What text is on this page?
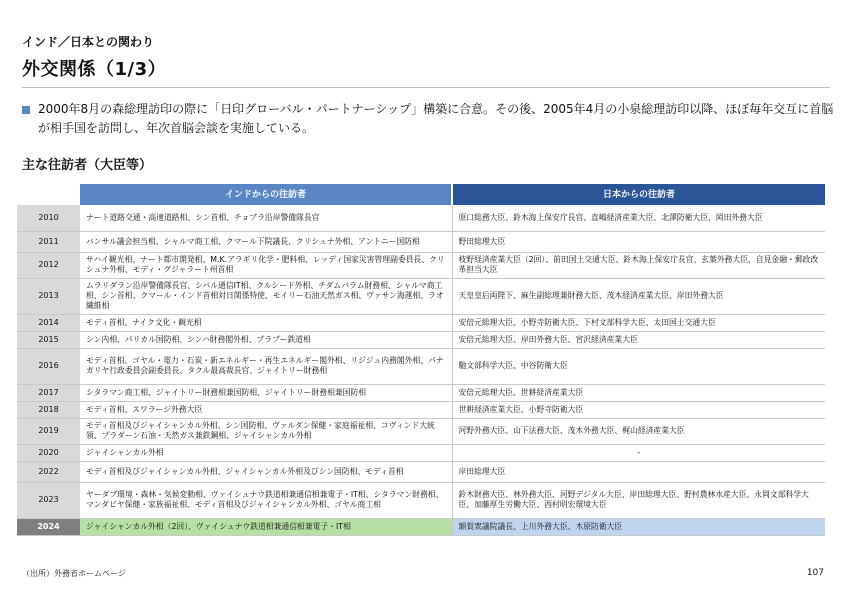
インド／日本との関わり
外交関係（1/3）
2000年8月の森総理訪印の際に「日印グローバル・パートナーシップ」構築に合意。その後、2005年4月の小泉総理訪印以降、ほぼ毎年交互に首脳が相手国を訪問し、年次首脳会談を実施している。
主な往訪者（大臣等）
	インドからの往訪者	日本からの往訪者
2010	ナート道路交通・高速道路相、シン首相、チョプラ沿岸警備隊長官	原口総務大臣、鈴木海上保安庁長官、直嶋経済産業大臣、北澤防衛大臣、岡田外務大臣
2011	バンサル議会担当相、シャルマ商工相、クマール下院議長、クリシュナ外相、アントニー国防相	野田総理大臣
2012	サハイ観光相、ナート都市開発相、M.K.アラギリ化学・肥料相、レッディ国家災害管理副委員長、クリシュナ外相、モディ・グジャラート州首相	枝野経済産業大臣（2回）、前田国土交通大臣、鈴木海上保安庁長官、玄葉外務大臣、自見金融・郵政改革担当大臣
2013	ムラリダラン沿岸警備隊長官、シバル通信IT相、クルシード外相、チダムバラム財務相、シャルマ商工相、シン首相、クマール・インド首相対日関係特使、モイリー石油天然ガス相、ヴァサン海運相、ラオ繊維相	天皇皇后両陛下、麻生副総理兼財務大臣、茂木経済産業大臣、岸田外務大臣
2014	モディ首相、ナイク文化・観光相	安倍元総理大臣、小野寺防衛大臣、下村文部科学大臣、太田国土交通大臣
2015	シン内相、パリカル国防相、シンハ財務閣外相、プラブー鉄道相	安倍元総理大臣、岸田外務大臣、宮沢経済産業大臣
2016	モディ首相、ゴヤル・電力・石炭・新エネルギー・再生エネルギー閣外相、リジジュ内務閣外相、パナガリヤ行政委員会副委員長、タクル最高裁長官、ジャイトリー財務相	馳文部科学大臣、中谷防衛大臣
2017	シタラマン商工相、ジャイトリー財務相兼国防相、ジャイトリー財務相兼国防相	安倍元総理大臣、世耕経済産業大臣
2018	モディ首相、スワラージ外務大臣	世耕経済産業大臣、小野寺防衛大臣
2019	モディ首相及びジャイシャンカル外相、シン国防相、ヴァルダン保健・家庭福祉相、コヴィンド大統領、プラダーン石油・天然ガス兼鉄鋼相、ジャイシャンカル外相	河野外務大臣、山下法務大臣、茂木外務大臣、梶山経済産業大臣
2020	ジャイシャンカル外相	-
2022	モディ首相及びジャイシャンカル外相、ジャイシャンカル外相及びシン国防相、モディ首相	岸田総理大臣
2023	ヤーダブ環境・森林・気候変動相、ヴァイシュナウ鉄道相兼通信相兼電子・IT相、シタラマン財務相、マンダビヤ保健・家族福祉相、モディ首相及びジャイシャンカル外相、ゴヤル商工相	鈴木財務大臣、林外務大臣、河野デジタル大臣、岸田総理大臣、野村農林水産大臣、永岡文部科学大臣、加藤厚生労働大臣、西村明宏環境大臣
2024	ジャイシャンカル外相（2回）、ヴァイシュナウ鉄道相兼通信相兼電子・IT相	額賀衆議院議長、上川外務大臣、木原防衛大臣
（出所）外務省ホームページ	107
